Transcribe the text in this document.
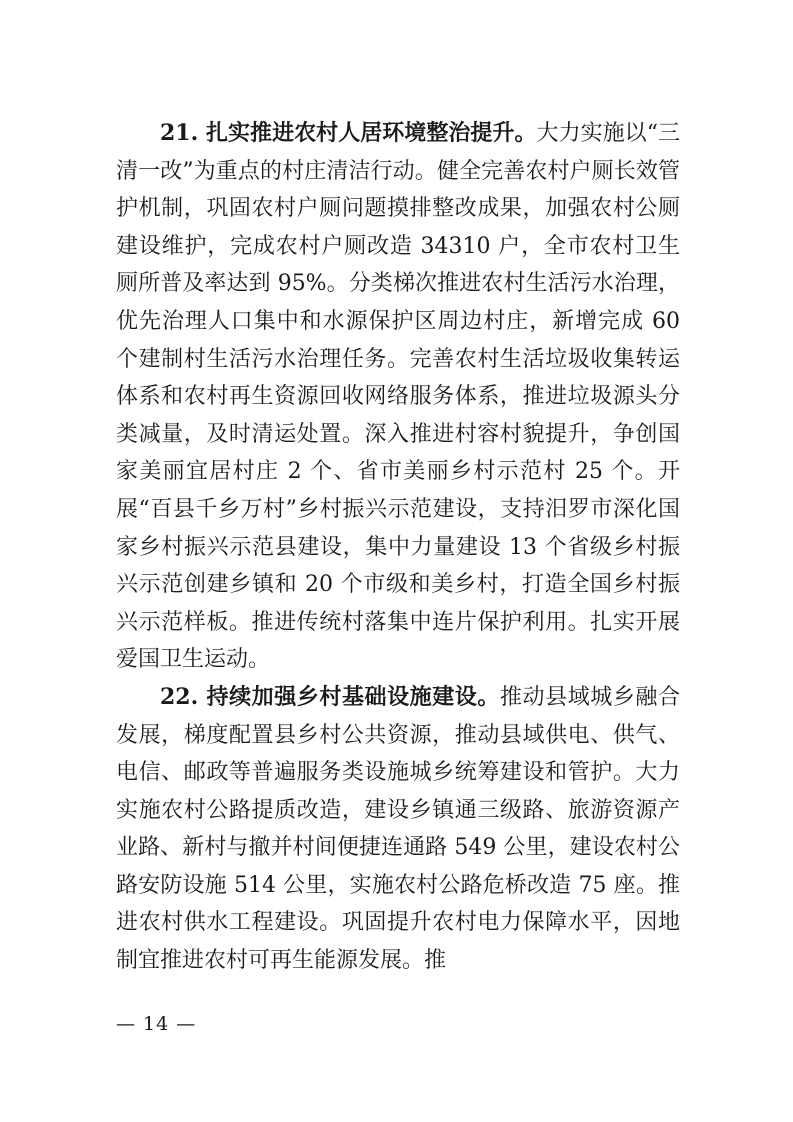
21. 扎实推进农村人居环境整治提升。大力实施以“三清一改”为重点的村庄清洁行动。健全完善农村户厕长效管护机制，巩固农村户厕问题摸排整改成果，加强农村公厕建设维护，完成农村户厕改造 34310 户，全市农村卫生厕所普及率达到 95%。分类梯次推进农村生活污水治理，优先治理人口集中和水源保护区周边村庄，新增完成 60 个建制村生活污水治理任务。完善农村生活垃圾收集转运体系和农村再生资源回收网络服务体系，推进垃圾源头分类减量，及时清运处置。深入推进村容村貌提升，争创国家美丽宜居村庄 2 个、省市美丽乡村示范村 25 个。开展“百县千乡万村”乡村振兴示范建设，支持汨罗市深化国家乡村振兴示范县建设，集中力量建设 13 个省级乡村振兴示范创建乡镇和 20 个市级和美乡村，打造全国乡村振兴示范样板。推进传统村落集中连片保护利用。扎实开展爱国卫生运动。

22. 持续加强乡村基础设施建设。推动县域城乡融合发展，梯度配置县乡村公共资源，推动县域供电、供气、电信、邮政等普遍服务类设施城乡统筹建设和管护。大力实施农村公路提质改造，建设乡镇通三级路、旅游资源产业路、新村与撤并村间便捷连通路 549 公里，建设农村公路安防设施 514 公里，实施农村公路危桥改造 75 座。推进农村供水工程建设。巩固提升农村电力保障水平，因地制宜推进农村可再生能源发展。推

— 14 —
